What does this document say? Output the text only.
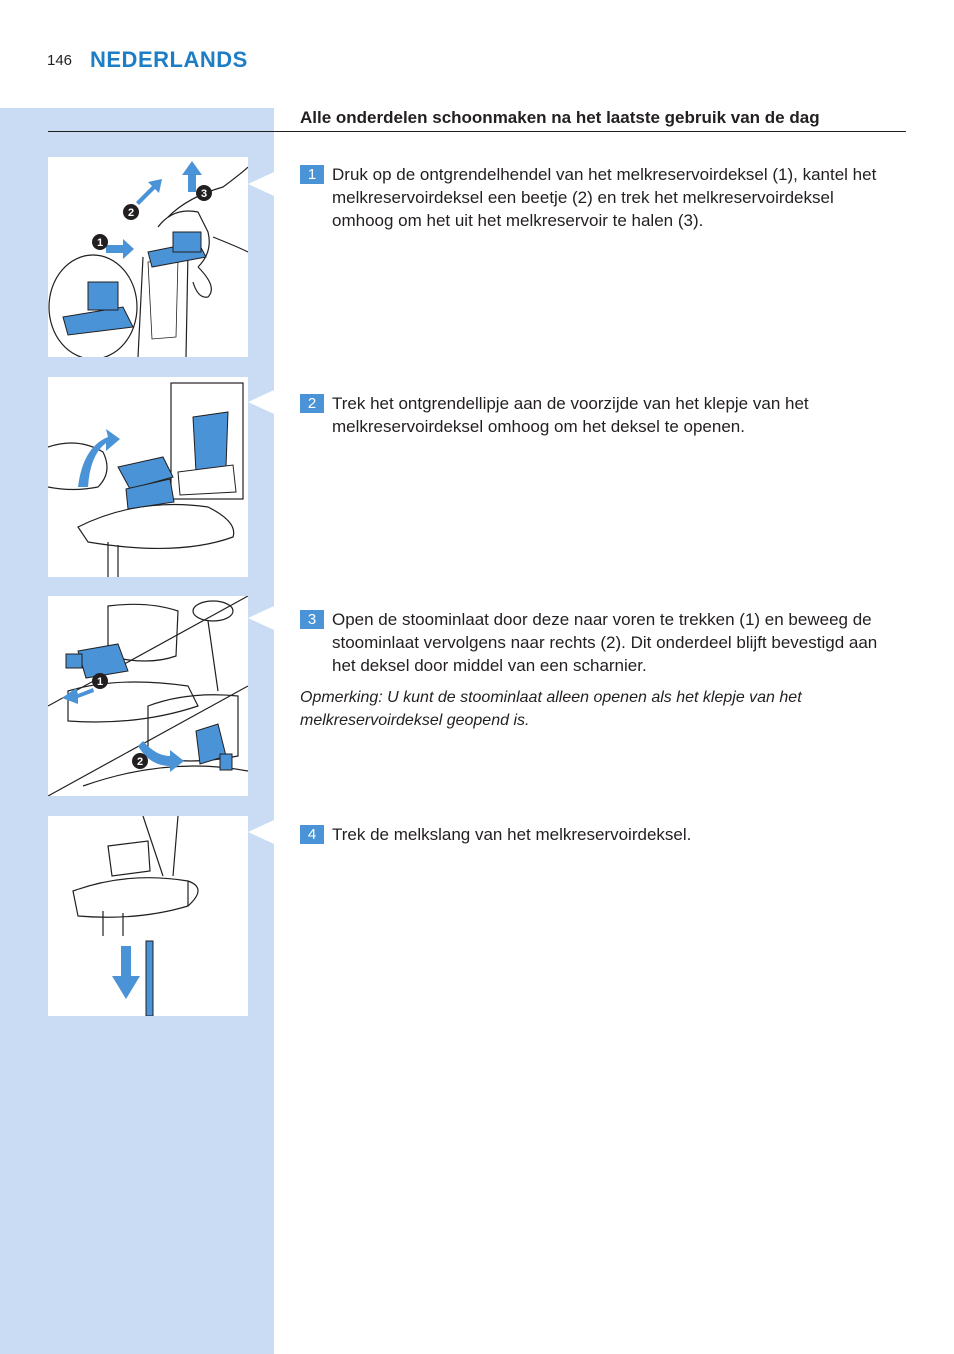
146 NEDERLANDS
Alle onderdelen schoonmaken na het laatste gebruik van de dag
1
2
3
1
2
1 Druk op de ontgrendelhendel van het melkreservoirdeksel (1), kantel het melkreservoirdeksel een beetje (2) en trek het melkreservoirdeksel omhoog om het uit het melkreservoir te halen (3).
2 Trek het ontgrendellipje aan de voorzijde van het klepje van het melkreservoirdeksel omhoog om het deksel te openen.
3 Open de stoominlaat door deze naar voren te trekken (1) en beweeg de stoominlaat vervolgens naar rechts (2). Dit onderdeel blijft bevestigd aan het deksel door middel van een scharnier.
Opmerking: U kunt de stoominlaat alleen openen als het klepje van het melkreservoirdeksel geopend is.
4 Trek de melkslang van het melkreservoirdeksel.
